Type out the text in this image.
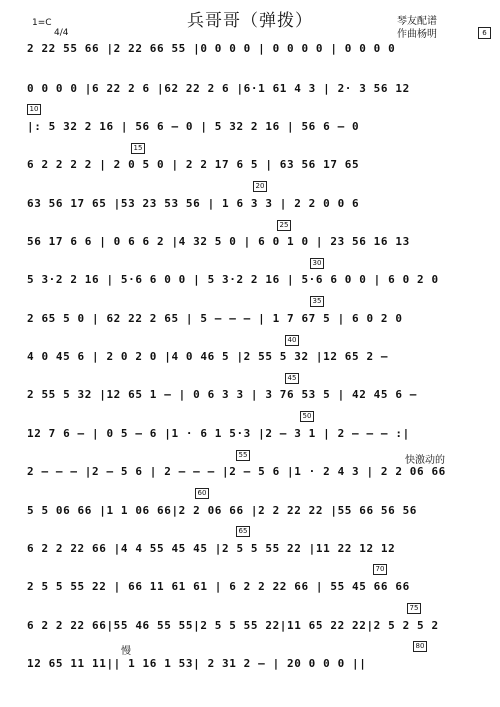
兵哥哥（弹拨）
1=C
4/4
琴友配谱
作曲杨明	6
2 22 55 66 |2 22 66 55 |0 0 0 0 | 0 0 0 0 | 0 0 0 0
0 0 0 0 |6 22 2 6 |62 22 2 6 |6·1 61 4 3 | 2· 3 56 12
|: 5 32 2 16 | 56 6 — 0 | 5 32 2 16 | 56 6 — 0
6 2 2 2 2 | 2 0 5 0 | 2 2 17 6 5 | 63 56 17 65
63 56 17 65 |53 23 53 56 | 1 6 3 3 | 2 2 0 0 6
56 17 6 6 | 0 6 6 2 |4 32 5 0 | 6 0 1 0 | 23 56 16 13
5 3·2 2 16 | 5·6 6 0 0 | 5 3·2 2 16 | 5·6 6 0 0 | 6 0 2 0
2 65 5 0 | 62 22 2 65 | 5 — — — | 1 7 67 5 | 6 0 2 0
4 0 45 6 | 2 0 2 0 |4 0 46 5 |2 55 5 32 |12 65 2 —
2 55 5 32 |12 65 1 — | 0 6 3 3 | 3 76 53 5 | 42 45 6 —
12 7 6 — | 0 5 — 6 |1 · 6 1 5·3 |2 — 3 1 | 2 — — — :|
2 — — — |2 — 5 6 | 2 — — — |2 — 5 6 |1 · 2 4 3 | 2 2 06 66
5 5 06 66 |1 1 06 66|2 2 06 66 |2 2 22 22 |55 66 56 56
6 2 2 22 66 |4 4 55 45 45 |2 5 5 55 22 |11 22 12 12
2 5 5 55 22 | 66 11 61 61 | 6 2 2 22 66 | 55 45 66 66
6 2 2 22 66|55 46 55 55|2 5 5 55 22|11 65 22 22|2 5 2 5 2
12 65 11 11|| 1 16 1 53| 2 31 2 — | 20 0 0 0 ||
10
15
20
25
30
35
40
45
50
55
60
65
70
75
80
快激动的
慢
